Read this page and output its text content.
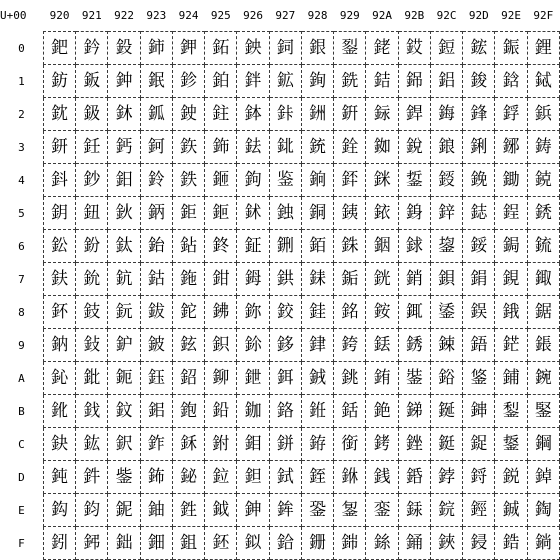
U+00	920	921	922	923	924	925	926	927	928	929	92A	92B	92C	92D	92E	92F
0	鈀	鈐	鈠	鈰	鉀	鉐	鉠	鉰	銀	銐	銠	銰	鋀	鋐	鋠	鋰
1	鈁	鈑	鈡	鈱	鉁	鉑	鉡	鉱	銁	銑	銡	銱	鋁	鋑	鋡	鋱
2	鈂	鈒	鈢	鈲	鉂	鉒	鉢	鉲	銂	銒	銢	銲	鋂	鋒	鋢	鋲
3	鈃	鈓	鈣	鈳	鉃	鉓	鉣	鉳	銃	銓	銣	銳	鋃	鋓	鋣	鋳
4	鈄	鈔	鈤	鈴	鉄	鉔	鉤	鉴	銄	銔	銤	銴	鋄	鋔	鋤	鋴
5	鈅	鈕	鈥	鈵	鉅	鉕	鉥	鉵	銅	銕	銥	銵	鋅	鋕	鋥	鋵
6	鈆	鈖	鈦	鈶	鉆	鉖	鉦	鉶	銆	銖	銦	銶	鋆	鋖	鋦	鋶
7	鈇	鈗	鈧	鈷	鉇	鉗	鉧	鉷	銇	銗	銧	銷	鋇	鋗	鋧	鋷
8	鈈	鈘	鈨	鈸	鉈	鉘	鉨	鉸	銈	銘	銨	銸	鋈	鋘	鋨	鋸
9	鈉	鈙	鈩	鈹	鉉	鉙	鉩	鉹	銉	銙	銩	銹	鋉	鋙	鋩	鋹
A	鈊	鈚	鈪	鈺	鉊	鉚	鉪	鉺	銊	銚	銪	銺	鋊	鋚	鋪	鋺
B	鈋	鈛	鈫	鈻	鉋	鉛	鉫	鉻	銋	銛	銫	銻	鋋	鋛	鋫	鋻
C	鈌	鈜	鈬	鈼	鉌	鉜	鉬	鉼	銌	銜	銬	銼	鋌	鋜	鋬	鋼
D	鈍	鈝	鈭	鈽	鉍	鉝	鉭	鉽	銍	銝	銭	銽	鋍	鋝	鋭	鋽
E	鈎	鈞	鈮	鈾	鉎	鉞	鉮	鉾	銎	銞	銮	銾	鋎	鋞	鋮	鋾
F	鈏	鈟	鈯	鈿	鉏	鉟	鉯	鉿	銏	銟	銯	銿	鋏	鋟	鋯	鋿
